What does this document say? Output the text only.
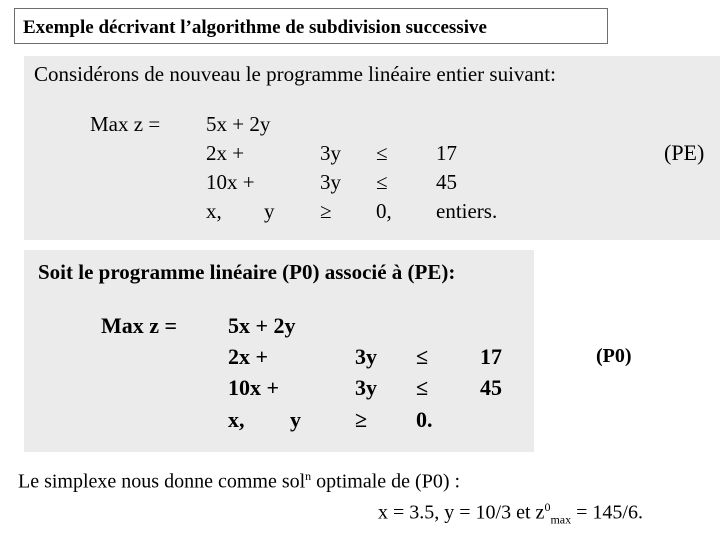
Exemple décrivant l’algorithme de subdivision successive
Considérons de nouveau le programme linéaire entier suivant:
Max z = 5x + 2y
2x +	3y ≤ 17
10x +	3y ≤ 45
x, y ≥ 0, entiers.
(PE)
Soit le programme linéaire (P0) associé à (PE):
Max z = 5x + 2y
2x +	3y ≤ 17
10x +	3y ≤ 45
x, y ≥ 0.
(P0)
Le simplexe nous donne comme sol$^n$ optimale de (P0) :
x = 3.5, y = 10/3 et $z^0_{max} = 145/6$.
